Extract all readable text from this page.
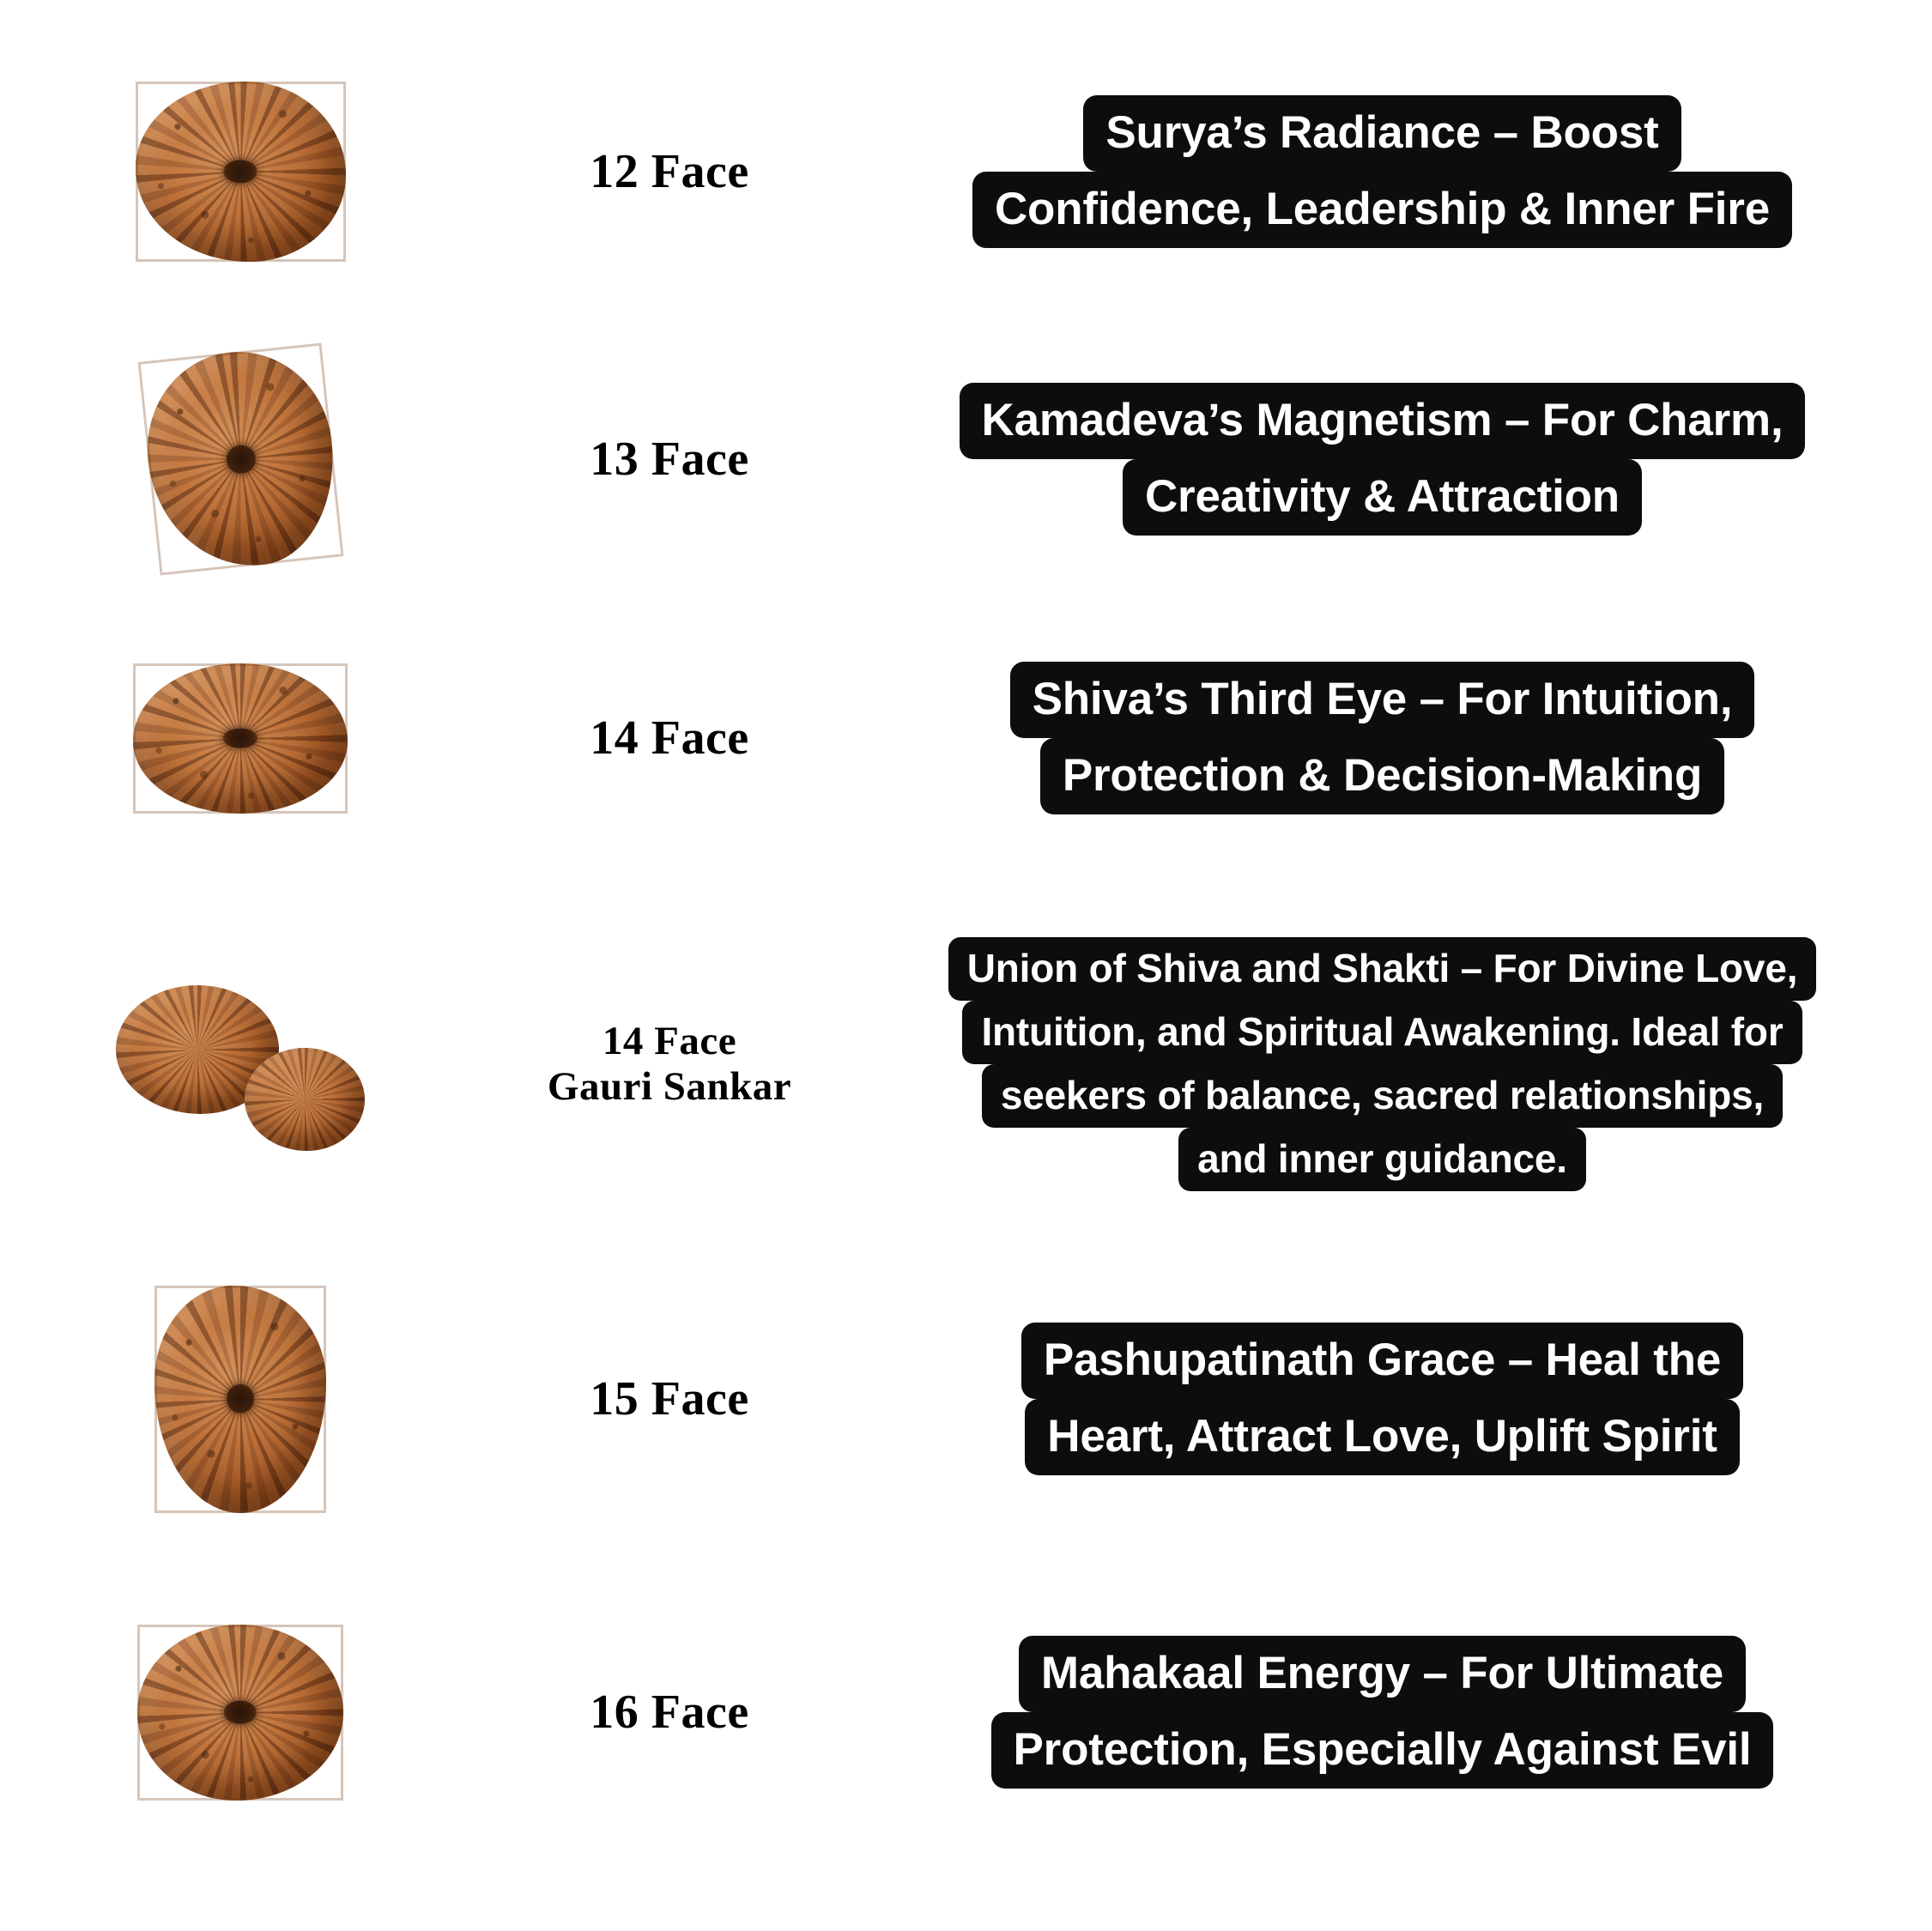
12 Face
Surya’s Radiance – Boost
Confidence, Leadership & Inner Fire
13 Face
Kamadeva’s Magnetism – For Charm,
Creativity & Attraction
14 Face
Shiva’s Third Eye – For Intuition,
Protection & Decision-Making
14 Face
Gauri Sankar
Union of Shiva and Shakti – For Divine Love,
Intuition, and Spiritual Awakening. Ideal for
seekers of balance, sacred relationships,
and inner guidance.
15 Face
Pashupatinath Grace – Heal the
Heart, Attract Love, Uplift Spirit
16 Face
Mahakaal Energy – For Ultimate
Protection, Especially Against Evil
